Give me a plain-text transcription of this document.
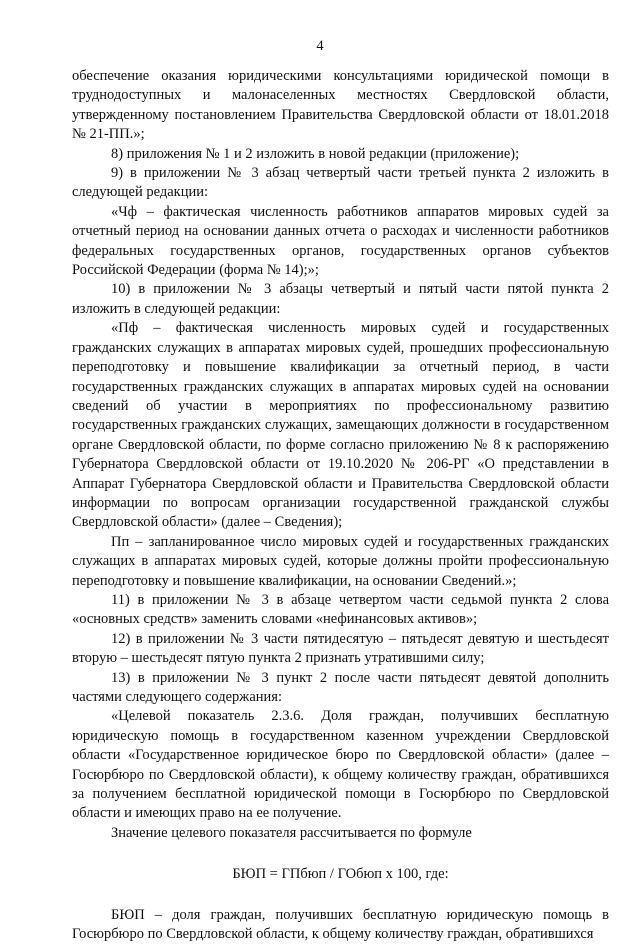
4

обеспечение оказания юридическими консультациями юридической помощи в труднодоступных и малонаселенных местностях Свердловской области, утвержденному постановлением Правительства Свердловской области от 18.01.2018 № 21-ПП.»;

8) приложения № 1 и 2 изложить в новой редакции (приложение);

9) в приложении № 3 абзац четвертый части третьей пункта 2 изложить в следующей редакции:

«Чф – фактическая численность работников аппаратов мировых судей за отчетный период на основании данных отчета о расходах и численности работников федеральных государственных органов, государственных органов субъектов Российской Федерации (форма № 14);»;

10) в приложении № 3 абзацы четвертый и пятый части пятой пункта 2 изложить в следующей редакции:

«Пф – фактическая численность мировых судей и государственных гражданских служащих в аппаратах мировых судей, прошедших профессиональную переподготовку и повышение квалификации за отчетный период, в части государственных гражданских служащих в аппаратах мировых судей на основании сведений об участии в мероприятиях по профессиональному развитию государственных гражданских служащих, замещающих должности в государственном органе Свердловской области, по форме согласно приложению № 8 к распоряжению Губернатора Свердловской области от 19.10.2020 № 206-РГ «О представлении в Аппарат Губернатора Свердловской области и Правительства Свердловской области информации по вопросам организации государственной гражданской службы Свердловской области» (далее – Сведения);

Пп – запланированное число мировых судей и государственных гражданских служащих в аппаратах мировых судей, которые должны пройти профессиональную переподготовку и повышение квалификации, на основании Сведений.»;

11) в приложении № 3 в абзаце четвертом части седьмой пункта 2 слова «основных средств» заменить словами «нефинансовых активов»;

12) в приложении № 3 части пятидесятую – пятьдесят девятую и шестьдесят вторую – шестьдесят пятую пункта 2 признать утратившими силу;

13) в приложении № 3 пункт 2 после части пятьдесят девятой дополнить частями следующего содержания:

«Целевой показатель 2.3.6. Доля граждан, получивших бесплатную юридическую помощь в государственном казенном учреждении Свердловской области «Государственное юридическое бюро по Свердловской области» (далее – Госюрбюро по Свердловской области), к общему количеству граждан, обратившихся за получением бесплатной юридической помощи в Госюрбюро по Свердловской области и имеющих право на ее получение.

Значение целевого показателя рассчитывается по формуле

БЮП = ГПбюп / ГОбюп х 100, где:

БЮП – доля граждан, получивших бесплатную юридическую помощь в Госюрбюро по Свердловской области, к общему количеству граждан, обратившихся
